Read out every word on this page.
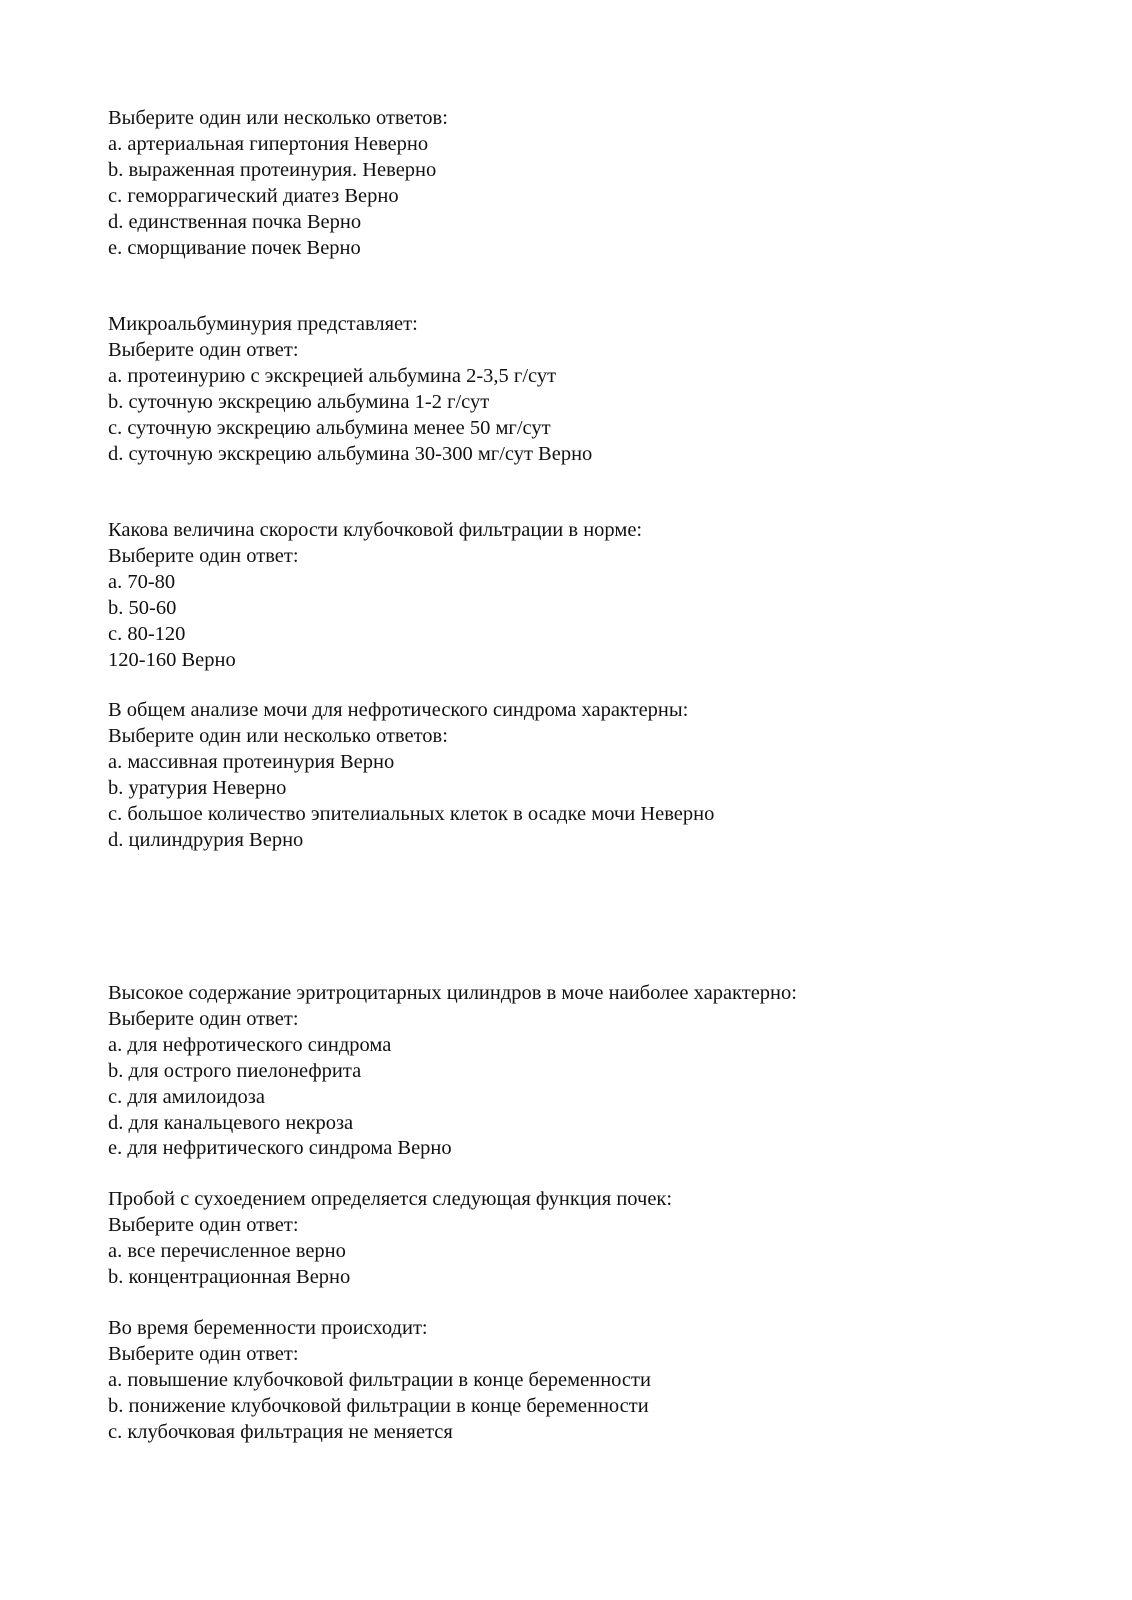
Выберите один или несколько ответов:
a. артериальная гипертония Неверно
b. выраженная протеинурия. Неверно
c. геморрагический диатез Верно
d. единственная почка Верно
e. сморщивание почек Верно
Микроальбуминурия представляет:
Выберите один ответ:
a. протеинурию с экскрецией альбумина 2-3,5 г/сут
b. суточную экскрецию альбумина 1-2 г/сут
c. суточную экскрецию альбумина менее 50 мг/сут
d. суточную экскрецию альбумина 30-300 мг/сут Верно
Какова величина скорости клубочковой фильтрации в норме:
Выберите один ответ:
a. 70-80
b. 50-60
c. 80-120
120-160 Верно
В общем анализе мочи для нефротического синдрома характерны:
Выберите один или несколько ответов:
a. массивная протеинурия Верно
b. уратурия Неверно
c. большое количество эпителиальных клеток в осадке мочи Неверно
d. цилиндрурия Верно
Высокое содержание эритроцитарных цилиндров в моче наиболее характерно:
Выберите один ответ:
a. для нефротического синдрома
b. для острого пиелонефрита
c. для амилоидоза
d. для канальцевого некроза
e. для нефритического синдрома Верно
Пробой с сухоедением определяется следующая функция почек:
Выберите один ответ:
a. все перечисленное верно
b. концентрационная Верно
Во время беременности происходит:
Выберите один ответ:
a. повышение клубочковой фильтрации в конце беременности
b. понижение клубочковой фильтрации в конце беременности
c. клубочковая фильтрация не меняется
